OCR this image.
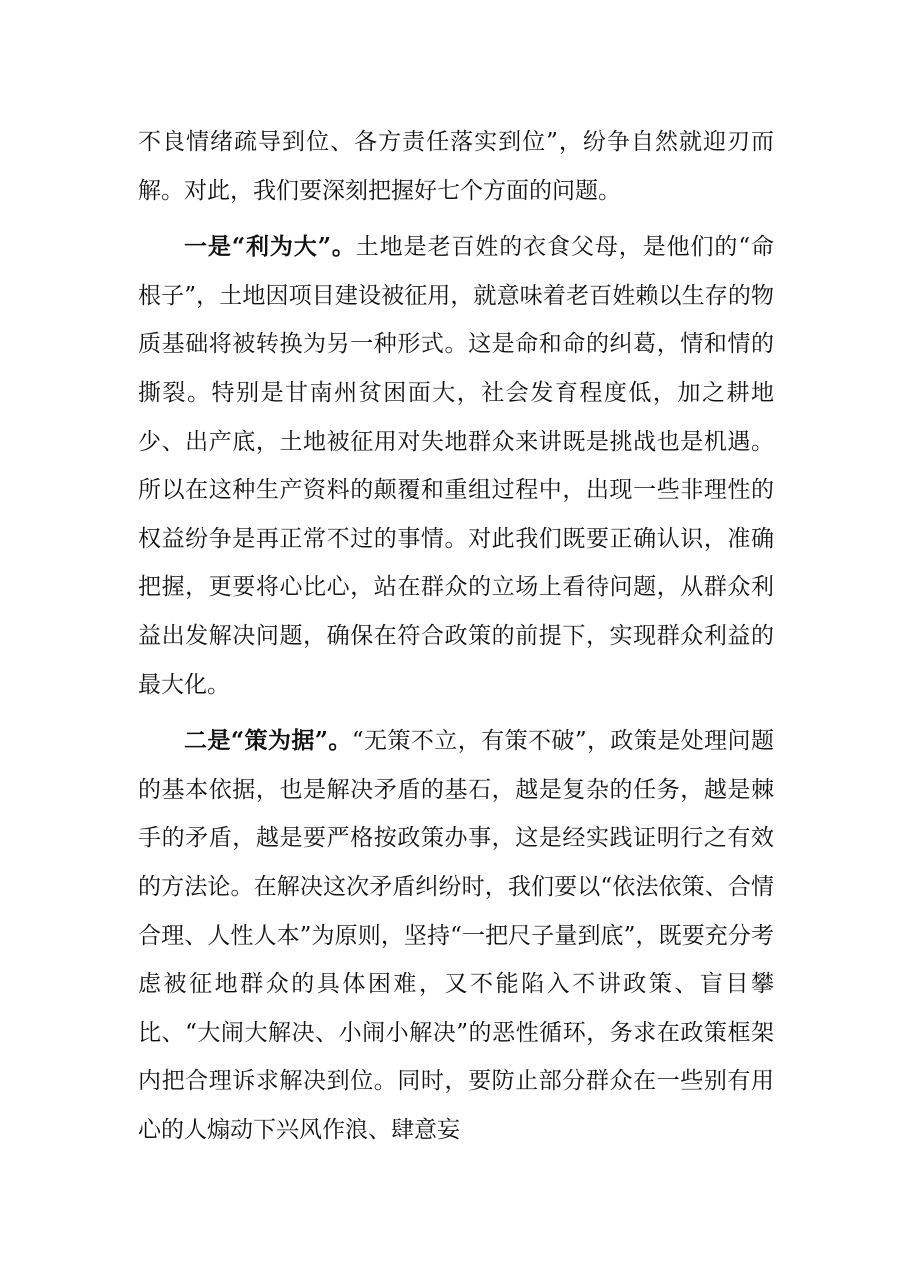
不良情绪疏导到位、各方责任落实到位”，纷争自然就迎刃而解。对此，我们要深刻把握好七个方面的问题。

一是“利为大”。土地是老百姓的衣食父母，是他们的“命根子”，土地因项目建设被征用，就意味着老百姓赖以生存的物质基础将被转换为另一种形式。这是命和命的纠葛，情和情的撕裂。特别是甘南州贫困面大，社会发育程度低，加之耕地少、出产底，土地被征用对失地群众来讲既是挑战也是机遇。所以在这种生产资料的颠覆和重组过程中，出现一些非理性的权益纷争是再正常不过的事情。对此我们既要正确认识，准确把握，更要将心比心，站在群众的立场上看待问题，从群众利益出发解决问题，确保在符合政策的前提下，实现群众利益的最大化。

二是“策为据”。“无策不立，有策不破”，政策是处理问题的基本依据，也是解决矛盾的基石，越是复杂的任务，越是棘手的矛盾，越是要严格按政策办事，这是经实践证明行之有效的方法论。在解决这次矛盾纠纷时，我们要以“依法依策、合情合理、人性人本”为原则，坚持“一把尺子量到底”，既要充分考虑被征地群众的具体困难，又不能陷入不讲政策、盲目攀比、“大闹大解决、小闹小解决”的恶性循环，务求在政策框架内把合理诉求解决到位。同时，要防止部分群众在一些别有用心的人煽动下兴风作浪、肆意妄
